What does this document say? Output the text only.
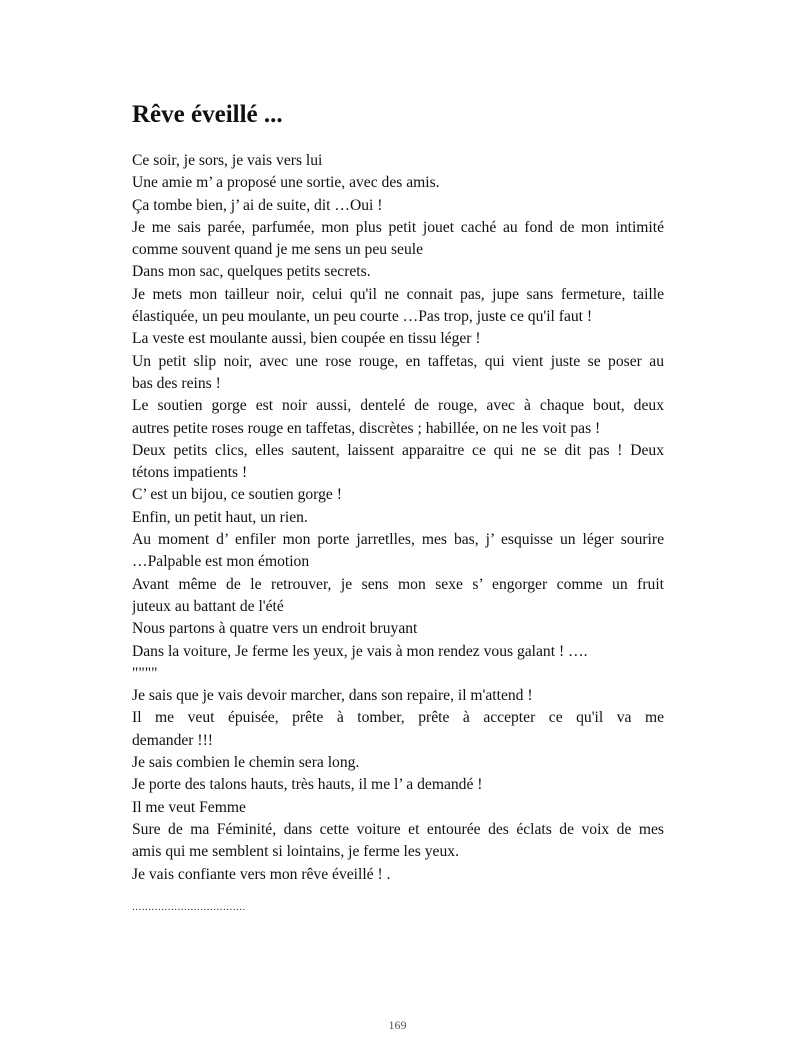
Rêve éveillé ...
Ce soir, je sors, je vais vers lui
Une amie m’ a proposé une sortie, avec des amis.
Ça tombe bien, j’ ai de suite, dit …Oui !
Je me sais parée, parfumée, mon plus petit jouet caché au fond de mon intimité
comme souvent quand je me sens un peu seule
Dans mon sac, quelques petits secrets.
Je mets mon tailleur noir, celui qu'il ne connait pas, jupe sans fermeture, taille
élastiquée, un peu moulante, un peu courte …Pas trop, juste ce qu'il faut !
La veste est moulante aussi, bien coupée en tissu léger !
Un petit slip noir, avec une rose rouge, en taffetas, qui vient juste se poser au
bas des reins !
Le soutien gorge est noir aussi, dentelé de rouge, avec à chaque bout, deux
autres petite roses rouge en taffetas, discrètes ; habillée, on ne les voit pas !
Deux petits clics, elles sautent, laissent apparaitre ce qui ne se dit pas ! Deux
tétons impatients !
C’ est un bijou, ce soutien gorge !
Enfin, un petit haut, un rien.
Au moment d’ enfiler mon porte jarretlles, mes bas, j’ esquisse un léger sourire
…Palpable est mon émotion
Avant même de le retrouver, je sens mon sexe s’ engorger comme un fruit
juteux au battant de l'été
Nous partons à quatre vers un endroit bruyant
Dans la voiture, Je ferme les yeux, je vais à mon rendez vous galant ! ….
""""
Je sais que je vais devoir marcher, dans son repaire, il m'attend !
Il me veut épuisée, prête à tomber, prête à accepter ce qu'il va me
demander !!!
Je sais combien le chemin sera long.
Je porte des talons hauts, très hauts, il me l’ a demandé !
Il me veut Femme
Sure de ma Féminité, dans cette voiture et entourée des éclats de voix de mes
amis qui me semblent si lointains, je ferme les yeux.
Je vais confiante vers mon rêve éveillé ! .
...................................
169
